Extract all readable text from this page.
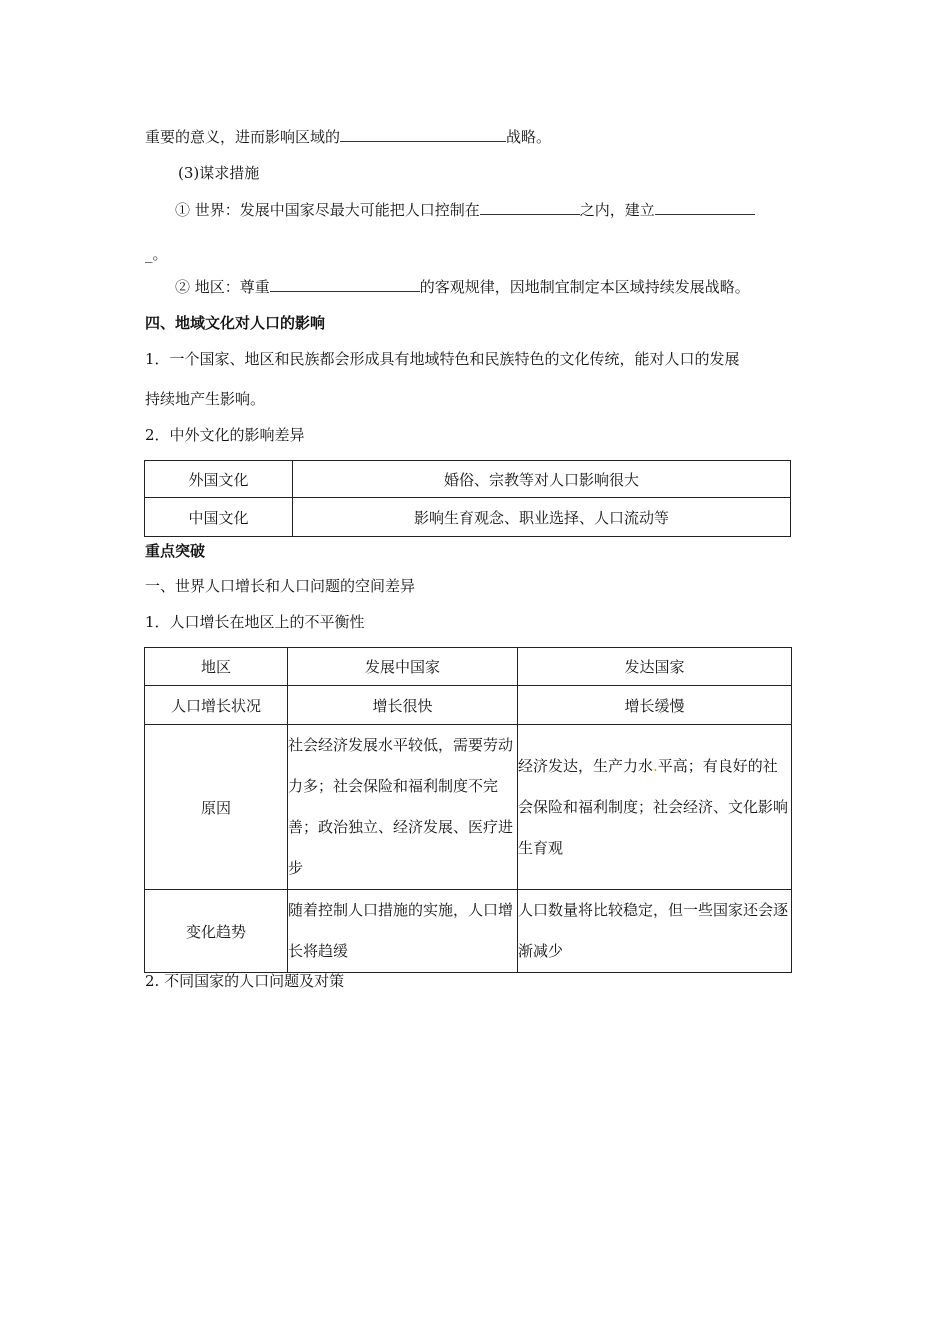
重要的意义，进而影响区域的	战略。
(3)谋求措施
① 世界：发展中国家尽最大可能把人口控制在	之内，建立
_。
② 地区：尊重	的客观规律，因地制宜制定本区域持续发展战略。
四、地域文化对人口的影响
1．一个国家、地区和民族都会形成具有地域特色和民族特色的文化传统，能对人口的发展
持续地产生影响。
2．中外文化的影响差异
外国文化	婚俗、宗教等对人口影响很大
中国文化	影响生育观念、职业选择、人口流动等
重点突破
一、世界人口增长和人口问题的空间差异
1．人口增长在地区上的不平衡性
地区	发展中国家	发达国家
人口增长状况	增长很快	增长缓慢
原因	社会经济发展水平较低，需要劳动力多；社会保险和福利制度不完善；政治独立、经济发展、医疗进步	经济发达，生产力水.平高；有良好的社会保险和福利制度；社会经济、文化影响生育观
变化趋势	随着控制人口措施的实施，人口增长将趋缓	人口数量将比较稳定，但一些国家还会逐渐减少
2. 不同国家的人口问题及对策
